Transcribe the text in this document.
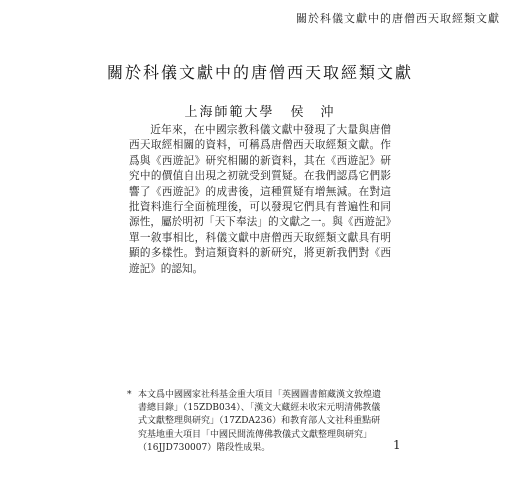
關於科儀文獻中的唐僧西天取經類文獻
關於科儀文獻中的唐僧西天取經類文獻
上海師範大學 侯　沖

近年來，在中國宗教科儀文獻中發現了大量與唐僧西天取經相關的資料，可稱爲唐僧西天取經類文獻。作爲與《西遊記》研究相關的新資料，其在《西遊記》研究中的價值自出現之初就受到質疑。在我們認爲它們影響了《西遊記》的成書後，這種質疑有增無減。在對這批資料進行全面梳理後，可以發現它們具有普遍性和同源性，屬於明初「天下奉法」的文獻之一。與《西遊記》單一敘事相比，科儀文獻中唐僧西天取經類文獻具有明顯的多樣性。對這類資料的新研究，將更新我們對《西遊記》的認知。

* 本文爲中國國家社科基金重大項目「英國圖書館藏漢文敦煌遺書總目錄」（15ZDB034）、「漢文大藏經未收宋元明清佛教儀式文獻整理與研究」（17ZDA236）和教育部人文社科重點研究基地重大項目「中國民間流傳佛教儀式文獻整理與研究」（16JJD730007）階段性成果。	1
